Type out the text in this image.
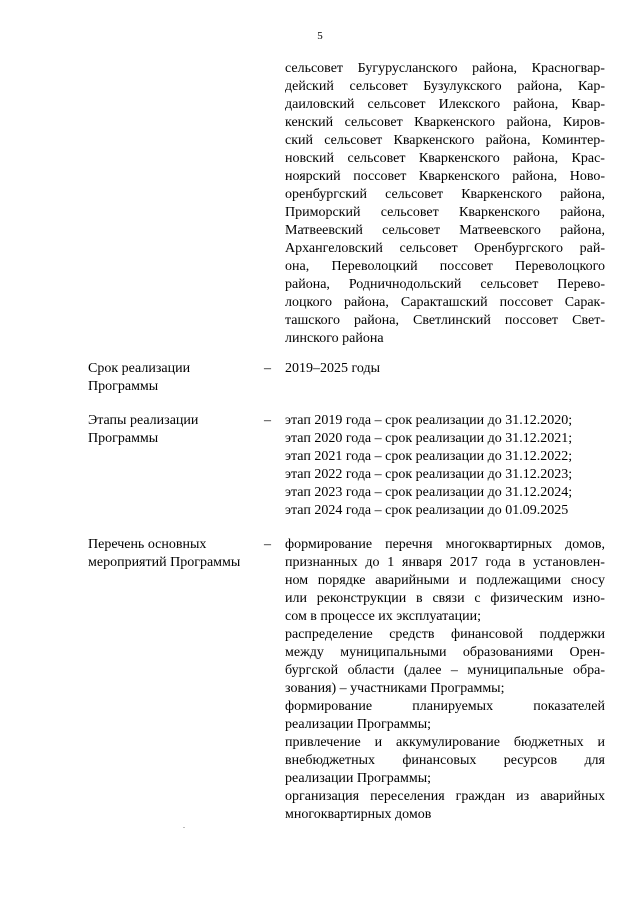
5
сельсовет Бугурусланского района, Красногвар-
дейский сельсовет Бузулукского района, Кар-
даиловский сельсовет Илекского района, Квар-
кенский сельсовет Кваркенского района, Киров-
ский сельсовет Кваркенского района, Коминтер-
новский сельсовет Кваркенского района, Крас-
ноярский поссовет Кваркенского района, Ново-
оренбургский сельсовет Кваркенского района,
Приморский сельсовет Кваркенского района,
Матвеевский сельсовет Матвеевского района,
Архангеловский сельсовет Оренбургского рай-
она, Переволоцкий поссовет Переволоцкого
района, Родничнодольский сельсовет Перево-
лоцкого района, Саракташский поссовет Сарак-
ташского района, Светлинский поссовет Свет-
линского района
Срок реализации
Программы
– 2019–2025 годы
Этапы реализации
Программы
– этап 2019 года – срок реализации до 31.12.2020;
этап 2020 года – срок реализации до 31.12.2021;
этап 2021 года – срок реализации до 31.12.2022;
этап 2022 года – срок реализации до 31.12.2023;
этап 2023 года – срок реализации до 31.12.2024;
этап 2024 года – срок реализации до 01.09.2025
Перечень основных
мероприятий Программы
– формирование перечня многоквартирных домов,
признанных до 1 января 2017 года в установлен-
ном порядке аварийными и подлежащими сносу
или реконструкции в связи с физическим изно-
сом в процессе их эксплуатации;
распределение средств финансовой поддержки
между муниципальными образованиями Орен-
бургской области (далее – муниципальные обра-
зования) – участниками Программы;
формирование	планируемых	показателей
реализации Программы;
привлечение и аккумулирование бюджетных и
внебюджетных финансовых ресурсов для
реализации Программы;
организация переселения граждан из аварийных
многоквартирных домов
